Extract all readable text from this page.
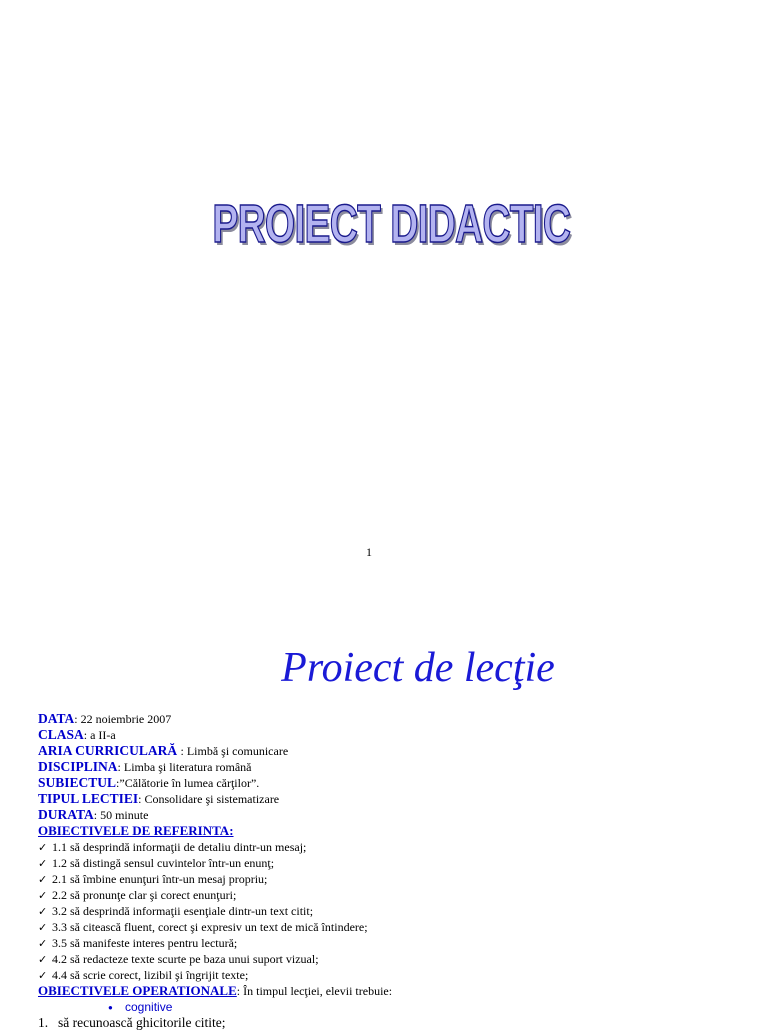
PROIECT DIDACTIC
1
Proiect de lecţie
DATA: 22 noiembrie 2007
CLASA: a II-a
ARIA CURRICULARĂ : Limbă şi comunicare
DISCIPLINA: Limba şi literatura română
SUBIECTUL:”Călătorie în lumea cărţilor”.
TIPUL LECTIEI: Consolidare şi sistematizare
DURATA: 50 minute
OBIECTIVELE DE REFERINTA:
✓ 1.1 să desprindă informaţii de detaliu dintr-un mesaj;
✓ 1.2 să distingă sensul cuvintelor într-un enunţ;
✓ 2.1 să îmbine enunţuri într-un mesaj propriu;
✓ 2.2 să pronunţe clar şi corect enunţuri;
✓ 3.2 să desprindă informaţii esenţiale dintr-un text citit;
✓ 3.3 să citească fluent, corect şi expresiv un text de mică întindere;
✓ 3.5 să manifeste interes pentru lectură;
✓ 4.2 să redacteze texte scurte pe baza unui suport vizual;
✓ 4.4 să scrie corect, lizibil şi îngrijit texte;
OBIECTIVELE OPERATIONALE: În timpul lecţiei, elevii trebuie:
● cognitive
1. să recunoască ghicitorile citite;
